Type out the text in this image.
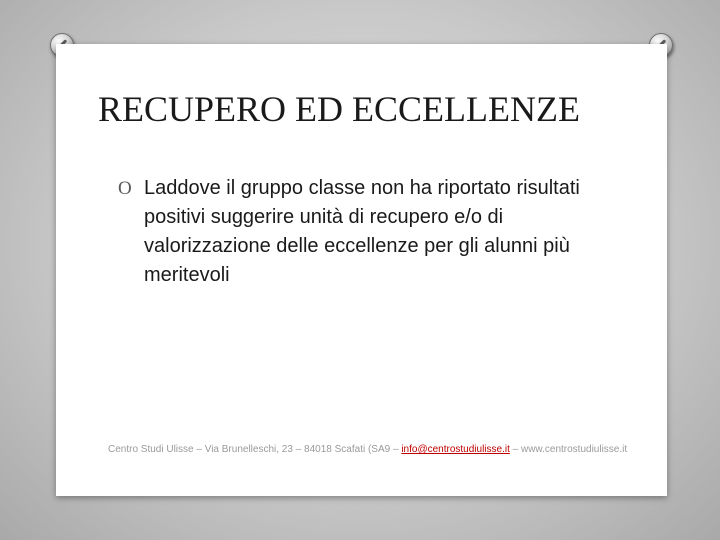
RECUPERO ED ECCELLENZE
O Laddove il gruppo classe non ha riportato risultati positivi suggerire unità di recupero e/o di valorizzazione delle eccellenze per gli alunni più meritevoli
Centro Studi Ulisse – Via Brunelleschi, 23 – 84018 Scafati (SA9 – info@centrostudiulisse.it – www.centrostudiulisse.it
